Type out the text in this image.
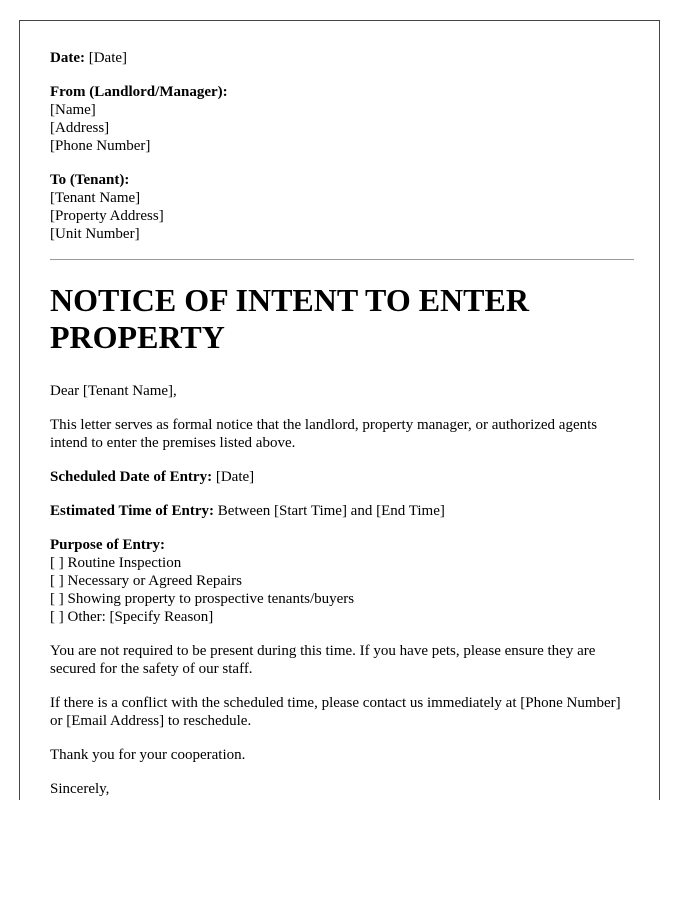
Date: [Date]

From (Landlord/Manager):

[Name]

[Address]

[Phone Number]

To (Tenant):

[Tenant Name]

[Property Address]

[Unit Number]

NOTICE OF INTENT TO ENTER PROPERTY

Dear [Tenant Name],

This letter serves as formal notice that the landlord, property manager, or authorized agents intend to enter the premises listed above.

Scheduled Date of Entry: [Date]

Estimated Time of Entry: Between [Start Time] and [End Time]

Purpose of Entry:

[ ] Routine Inspection

[ ] Necessary or Agreed Repairs

[ ] Showing property to prospective tenants/buyers

[ ] Other: [Specify Reason]

You are not required to be present during this time. If you have pets, please ensure they are secured for the safety of our staff.

If there is a conflict with the scheduled time, please contact us immediately at [Phone Number] or [Email Address] to reschedule.

Thank you for your cooperation.

Sincerely,
